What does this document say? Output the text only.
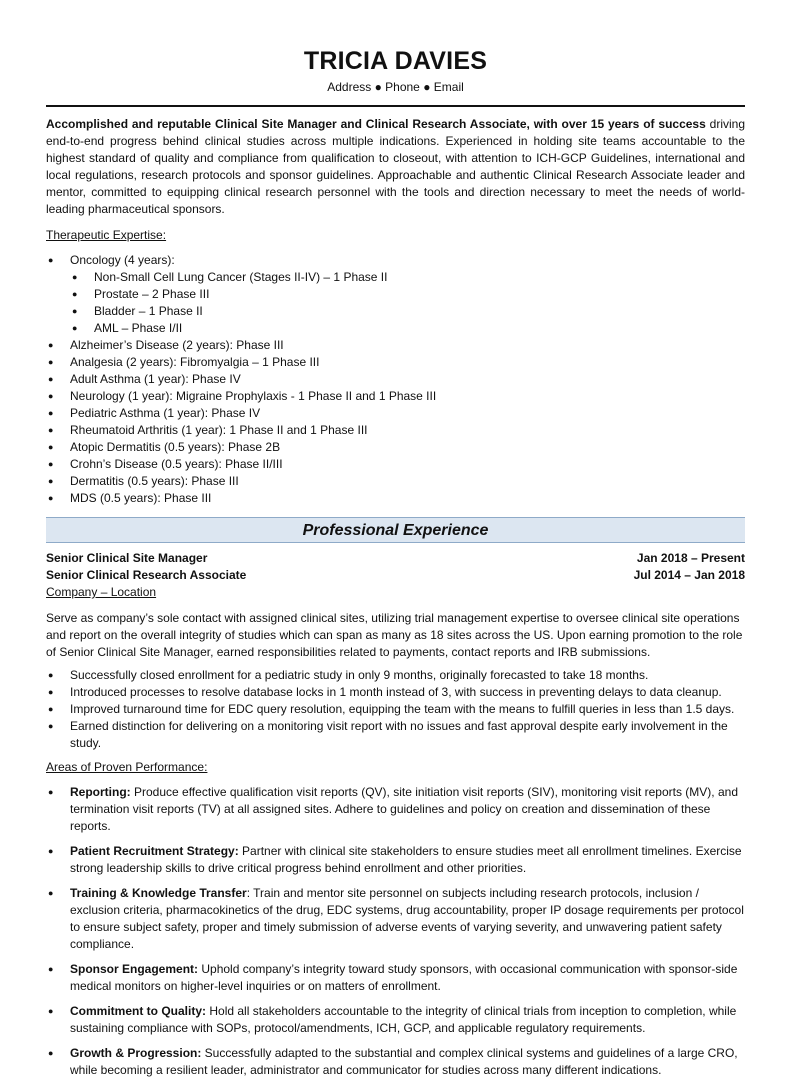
TRICIA DAVIES
Address ● Phone ● Email

Accomplished and reputable Clinical Site Manager and Clinical Research Associate, with over 15 years of success driving end-to-end progress behind clinical studies across multiple indications. Experienced in holding site teams accountable to the highest standard of quality and compliance from qualification to closeout, with attention to ICH-GCP Guidelines, international and local regulations, research protocols and sponsor guidelines. Approachable and authentic Clinical Research Associate leader and mentor, committed to equipping clinical research personnel with the tools and direction necessary to meet the needs of world-leading pharmaceutical sponsors.

Therapeutic Expertise:
● Oncology (4 years):
● Non-Small Cell Lung Cancer (Stages II-IV) – 1 Phase II
● Prostate – 2 Phase III
● Bladder – 1 Phase II
● AML – Phase I/II
● Alzheimer’s Disease (2 years): Phase III
● Analgesia (2 years): Fibromyalgia – 1 Phase III
● Adult Asthma (1 year): Phase IV
● Neurology (1 year): Migraine Prophylaxis - 1 Phase II and 1 Phase III
● Pediatric Asthma (1 year): Phase IV
● Rheumatoid Arthritis (1 year): 1 Phase II and 1 Phase III
● Atopic Dermatitis (0.5 years): Phase 2B
● Crohn’s Disease (0.5 years): Phase II/III
● Dermatitis (0.5 years): Phase III
● MDS (0.5 years): Phase III
Professional Experience
Senior Clinical Site Manager	Jan 2018 – Present
Senior Clinical Research Associate	Jul 2014 – Jan 2018
Company – Location

Serve as company’s sole contact with assigned clinical sites, utilizing trial management expertise to oversee clinical site operations and report on the overall integrity of studies which can span as many as 18 sites across the US. Upon earning promotion to the role of Senior Clinical Site Manager, earned responsibilities related to payments, contact reports and IRB submissions.

● Successfully closed enrollment for a pediatric study in only 9 months, originally forecasted to take 18 months.
● Introduced processes to resolve database locks in 1 month instead of 3, with success in preventing delays to data cleanup.
● Improved turnaround time for EDC query resolution, equipping the team with the means to fulfill queries in less than 1.5 days.
● Earned distinction for delivering on a monitoring visit report with no issues and fast approval despite early involvement in the study.
Areas of Proven Performance:
● Reporting: Produce effective qualification visit reports (QV), site initiation visit reports (SIV), monitoring visit reports (MV), and termination visit reports (TV) at all assigned sites. Adhere to guidelines and policy on creation and dissemination of these reports.
● Patient Recruitment Strategy: Partner with clinical site stakeholders to ensure studies meet all enrollment timelines. Exercise strong leadership skills to drive critical progress behind enrollment and other priorities.
● Training & Knowledge Transfer: Train and mentor site personnel on subjects including research protocols, inclusion / exclusion criteria, pharmacokinetics of the drug, EDC systems, drug accountability, proper IP dosage requirements per protocol to ensure subject safety, proper and timely submission of adverse events of varying severity, and unwavering patient safety compliance.
● Sponsor Engagement: Uphold company’s integrity toward study sponsors, with occasional communication with sponsor-side medical monitors on higher-level inquiries or on matters of enrollment.
● Commitment to Quality: Hold all stakeholders accountable to the integrity of clinical trials from inception to completion, while sustaining compliance with SOPs, protocol/amendments, ICH, GCP, and applicable regulatory requirements.
● Growth & Progression: Successfully adapted to the substantial and complex clinical systems and guidelines of a large CRO, while becoming a resilient leader, administrator and communicator for studies across many different indications.
